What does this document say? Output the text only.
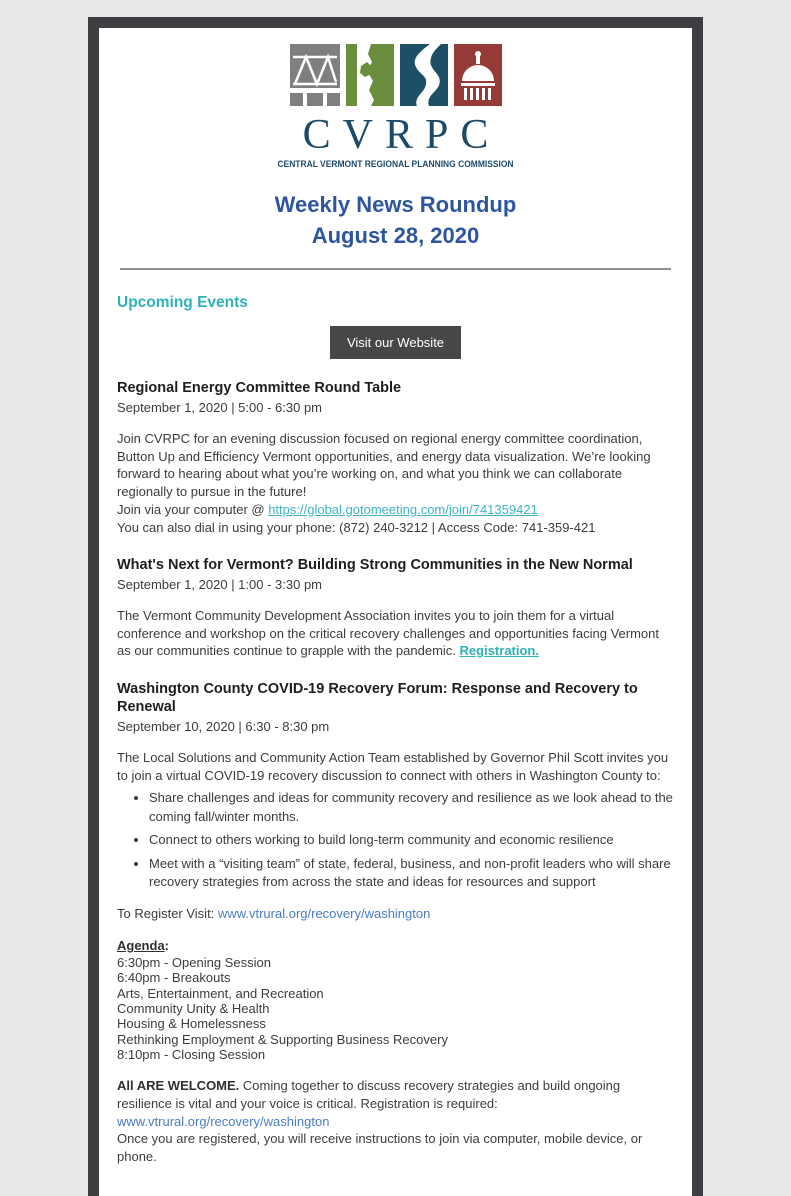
CVRPC
CENTRAL VERMONT REGIONAL PLANNING COMMISSION
Weekly News Roundup
August 28, 2020
Upcoming Events
Visit our Website
Regional Energy Committee Round Table
September 1, 2020 | 5:00 - 6:30 pm
Join CVRPC for an evening discussion focused on regional energy committee coordination, Button Up and Efficiency Vermont opportunities, and energy data visualization. We’re looking forward to hearing about what you’re working on, and what you think we can collaborate regionally to pursue in the future!
Join via your computer @ https://global.gotomeeting.com/join/741359421
You can also dial in using your phone: (872) 240-3212 | Access Code: 741-359-421
What's Next for Vermont? Building Strong Communities in the New Normal
September 1, 2020 | 1:00 - 3:30 pm
The Vermont Community Development Association invites you to join them for a virtual conference and workshop on the critical recovery challenges and opportunities facing Vermont as our communities continue to grapple with the pandemic. Registration.
Washington County COVID-19 Recovery Forum: Response and Recovery to Renewal
September 10, 2020 | 6:30 - 8:30 pm
The Local Solutions and Community Action Team established by Governor Phil Scott invites you to join a virtual COVID-19 recovery discussion to connect with others in Washington County to:
• Share challenges and ideas for community recovery and resilience as we look ahead to the coming fall/winter months.
• Connect to others working to build long-term community and economic resilience
• Meet with a “visiting team” of state, federal, business, and non-profit leaders who will share recovery strategies from across the state and ideas for resources and support
To Register Visit: www.vtrural.org/recovery/washington
Agenda:
6:30pm - Opening Session
6:40pm - Breakouts
Arts, Entertainment, and Recreation
Community Unity & Health
Housing & Homelessness
Rethinking Employment & Supporting Business Recovery
8:10pm - Closing Session
All ARE WELCOME. Coming together to discuss recovery strategies and build ongoing resilience is vital and your voice is critical. Registration is required: www.vtrural.org/recovery/washington
Once you are registered, you will receive instructions to join via computer, mobile device, or phone.
